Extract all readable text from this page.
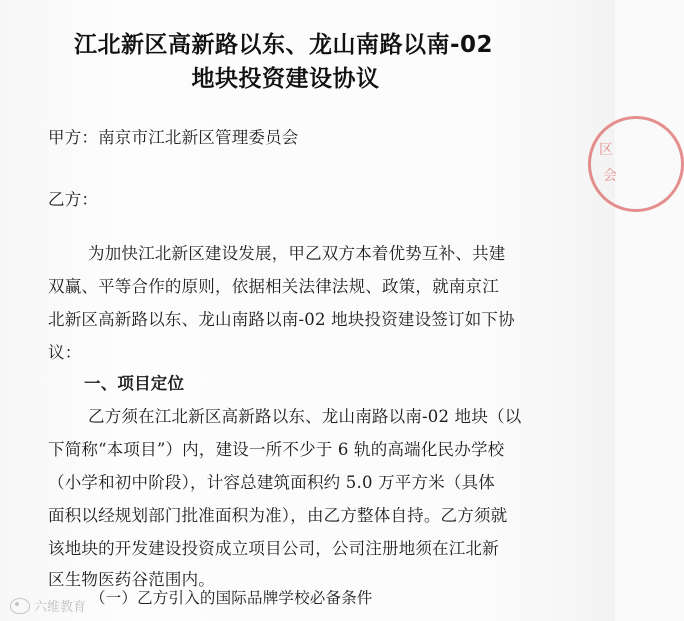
江北新区高新路以东、龙山南路以南-02
地块投资建设协议
甲方：南京市江北新区管理委员会
乙方：
为加快江北新区建设发展，甲乙双方本着优势互补、共建
双赢、平等合作的原则，依据相关法律法规、政策，就南京江
北新区高新路以东、龙山南路以南-02 地块投资建设签订如下协
议：
一、项目定位
乙方须在江北新区高新路以东、龙山南路以南-02 地块（以
下简称“本项目”）内，建设一所不少于 6 轨的高端化民办学校
（小学和初中阶段），计容总建筑面积约 5.0 万平方米（具体
面积以经规划部门批准面积为准），由乙方整体自持。乙方须就
该地块的开发建设投资成立项目公司，公司注册地须在江北新
区生物医药谷范围内。
（一）乙方引入的国际品牌学校必备条件
区
会
六维教育
